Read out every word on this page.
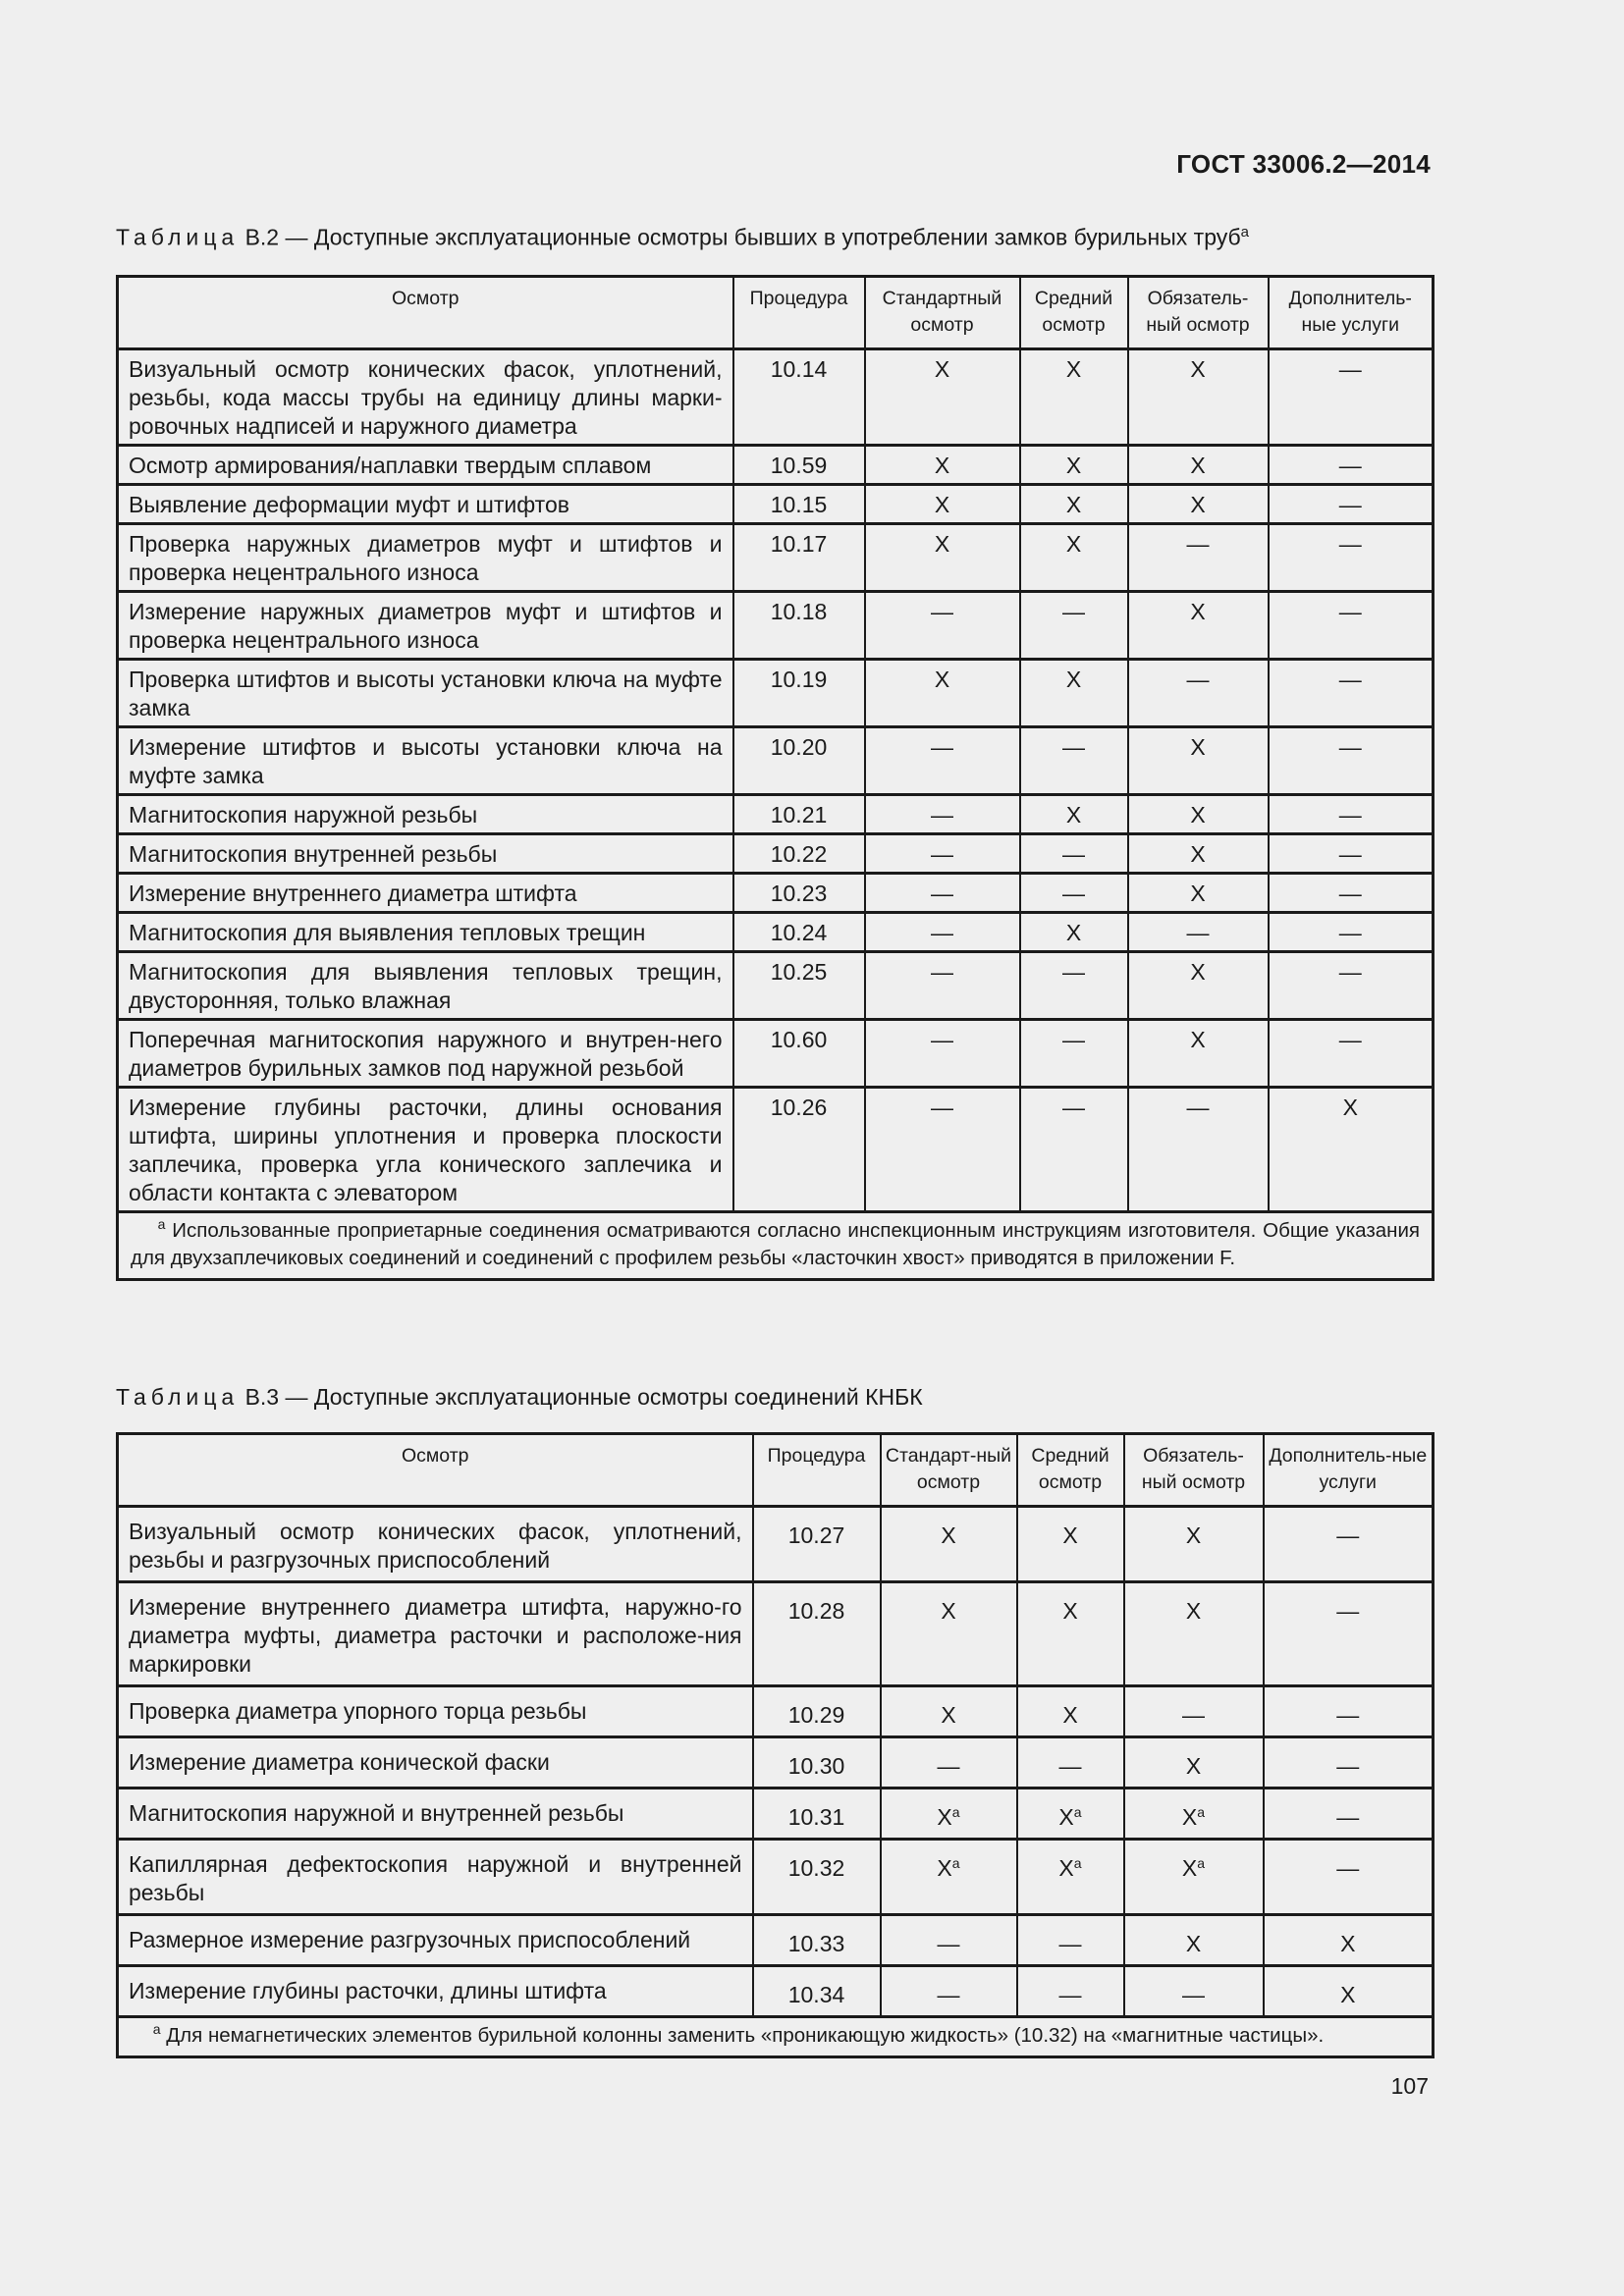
ГОСТ 33006.2—2014
Таблица В.2 — Доступные эксплуатационные осмотры бывших в употреблении замков бурильных труб$^а$
Осмотр	Процедура	Стандартный осмотр	Средний осмотр	Обязатель-ный осмотр	Дополнитель-ные услуги
Визуальный осмотр конических фасок, уплотнений, резьбы, кода массы трубы на единицу длины марки-ровочных надписей и наружного диаметра	10.14	X	X	X	—
Осмотр армирования/наплавки твердым сплавом	10.59	X	X	X	—
Выявление деформации муфт и штифтов	10.15	X	X	X	—
Проверка наружных диаметров муфт и штифтов и проверка нецентрального износа	10.17	X	X	—	—
Измерение наружных диаметров муфт и штифтов и проверка нецентрального износа	10.18	—	—	X	—
Проверка штифтов и высоты установки ключа на муфте замка	10.19	X	X	—	—
Измерение штифтов и высоты установки ключа на муфте замка	10.20	—	—	X	—
Магнитоскопия наружной резьбы	10.21	—	X	X	—
Магнитоскопия внутренней резьбы	10.22	—	—	X	—
Измерение внутреннего диаметра штифта	10.23	—	—	X	—
Магнитоскопия для выявления тепловых трещин	10.24	—	X	—	—
Магнитоскопия для выявления тепловых трещин, двусторонняя, только влажная	10.25	—	—	X	—
Поперечная магнитоскопия наружного и внутрен-него диаметров бурильных замков под наружной резьбой	10.60	—	—	X	—
Измерение глубины расточки, длины основания штифта, ширины уплотнения и проверка плоскости заплечика, проверка угла конического заплечика и области контакта с элеватором	10.26	—	—	—	X
$^а$ Использованные проприетарные соединения осматриваются согласно инспекционным инструкциям изготовителя. Общие указания для двухзаплечиковых соединений и соединений с профилем резьбы «ласточкин хвост» приводятся в приложении F.					
Таблица В.3 — Доступные эксплуатационные осмотры соединений КНБК
Осмотр	Процедура	Стандарт-ный осмотр	Средний осмотр	Обязатель-ный осмотр	Дополнитель-ные услуги
Визуальный осмотр конических фасок, уплотнений, резьбы и разгрузочных приспособлений	10.27	X	X	X	—
Измерение внутреннего диаметра штифта, наружно-го диаметра муфты, диаметра расточки и расположе-ния маркировки	10.28	X	X	X	—
Проверка диаметра упорного торца резьбы	10.29	X	X	—	—
Измерение диаметра конической фаски	10.30	—	—	X	—
Магнитоскопия наружной и внутренней резьбы	10.31	$X^а$	$X^а$	$X^а$	—
Капиллярная дефектоскопия наружной и внутренней резьбы	10.32	$X^а$	$X^а$	$X^а$	—
Размерное измерение разгрузочных приспособлений	10.33	—	—	X	X
Измерение глубины расточки, длины штифта	10.34	—	—	—	X
$^а$ Для немагнетических элементов бурильной колонны заменить «проникающую жидкость» (10.32) на «магнитные частицы».					
107
